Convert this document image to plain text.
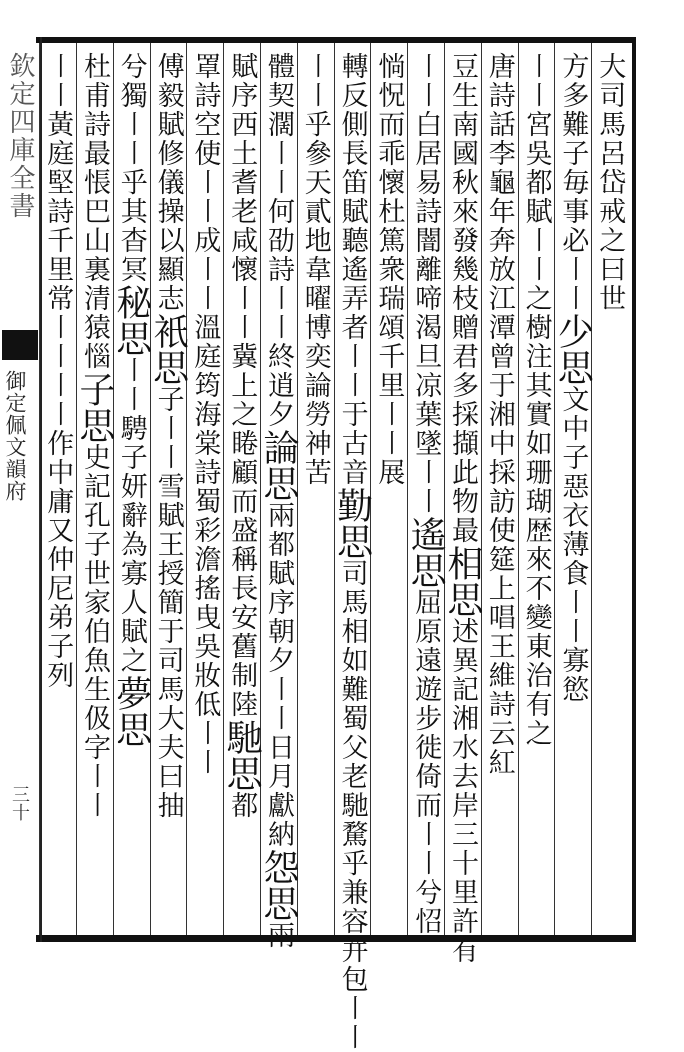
欽定四庫全書
御定佩文韻府
三十
大司馬呂岱戒之曰世
方多難子毎事必〡〡少思文中子惡衣薄食〡〡寡慾
〡〡宮吳都賦〡〡之樹注其實如珊瑚歴來不變東治有之
唐詩話李龜年奔放江潭曾于湘中採訪使筵上唱王維詩云紅
豆生南國秋來發幾枝贈君多採擷此物最相思述異記湘水去岸三十里許有
〡〡白居易詩闇離啼渴旦凉葉墜〡〡遙思屈原遠遊步徙倚而〡〡兮怊
惝怳而乖懷杜篤衆瑞頌千里〡〡展
轉反側長笛賦聽遙弄者〡〡于古音勤思司馬相如難蜀父老馳騖乎兼容并包〡〡
〡〡乎參天貳地韋曜博奕論勞神苦
體契濶〡〡何劭詩〡〡終逍夕論思兩都賦序朝夕〡〡日月獻納怨思兩
賦序西土耆老咸懷〡〡冀上之睠顧而盛稱長安舊制陸馳思都
罩詩空使〡〡成〡〡溫庭筠海棠詩蜀彩澹搖曳吳妝低〡〡
傅毅賦修儀操以顯志衹思子〡〡雪賦王授簡于司馬大夫曰抽
兮獨〡〡乎其杳冥秘思〡〡騁子妍辭為寡人賦之夢思
杜甫詩最悵巴山裏清猿惱子思史記孔子世家伯魚生伋字〡〡
〡〡黃庭堅詩千里常〡〡〡〡作中庸又仲尼弟子列
